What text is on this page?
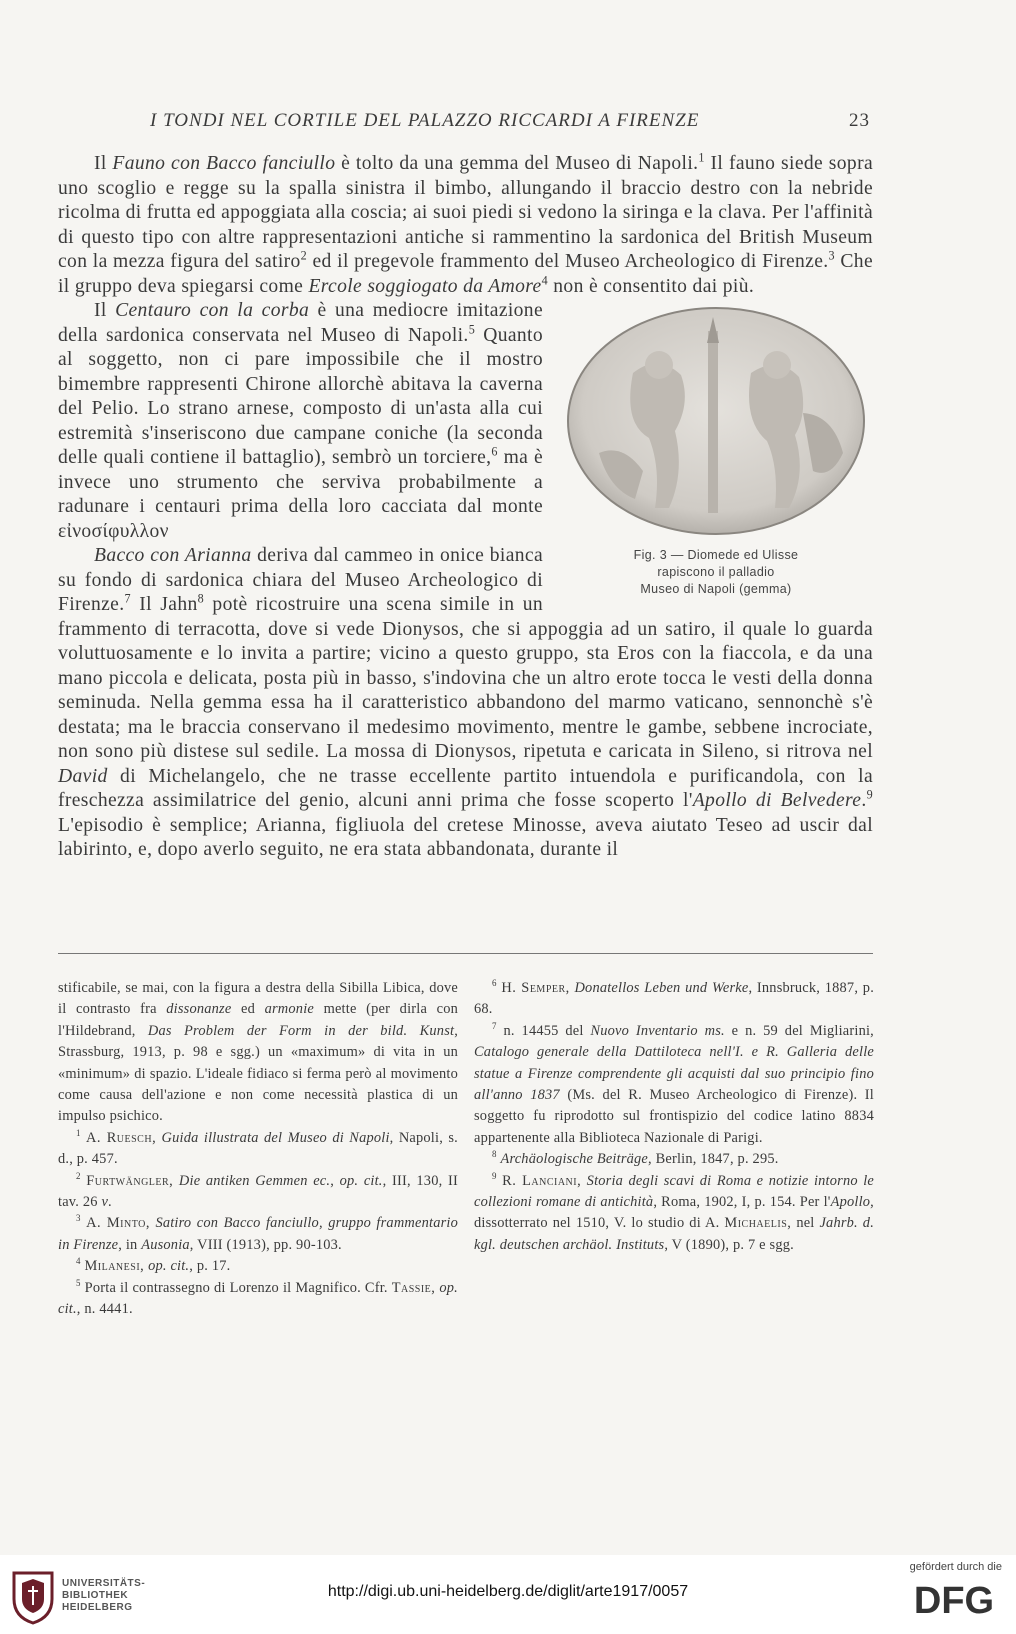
I TONDI NEL CORTILE DEL PALAZZO RICCARDI A FIRENZE	23

Il Fauno con Bacco fanciullo è tolto da una gemma del Museo di Napoli.$^1$ Il fauno siede sopra uno scoglio e regge su la spalla sinistra il bimbo, allungando il braccio destro con la nebride ricolma di frutta ed appoggiata alla coscia; ai suoi piedi si vedono la siringa e la clava. Per l'affinità di questo tipo con altre rappresentazioni antiche si rammentino la sardonica del British Museum con la mezza figura del satiro$^2$ ed il pregevole frammento del Museo Archeologico di Firenze.$^3$ Che il gruppo deva spiegarsi come Ercole soggiogato da Amore$^4$ non è consentito dai più.

Fig. 3 — Diomede ed Ulisse
rapiscono il palladio
Museo di Napoli (gemma)

Il Centauro con la corba è una mediocre imitazione della sardonica conservata nel Museo di Napoli.$^5$ Quanto al soggetto, non ci pare impossibile che il mostro bimembre rappresenti Chirone allorchè abitava la caverna del Pelio. Lo strano arnese, composto di un'asta alla cui estremità s'inseriscono due campane coniche (la seconda delle quali contiene il battaglio), sembrò un torciere,$^6$ ma è invece uno strumento che serviva probabilmente a radunare i centauri prima della loro cacciata dal monte εἰνοσίφυλλον

Bacco con Arianna deriva dal cammeo in onice bianca su fondo di sardonica chiara del Museo Archeologico di Firenze.$^7$ Il Jahn$^8$ potè ricostruire una scena simile in un frammento di terracotta, dove si vede Dionysos, che si appoggia ad un satiro, il quale lo guarda voluttuosamente e lo invita a partire; vicino a questo gruppo, sta Eros con la fiaccola, e da una mano piccola e delicata, posta più in basso, s'indovina che un altro erote tocca le vesti della donna seminuda. Nella gemma essa ha il caratteristico abbandono del marmo vaticano, sennonchè s'è destata; ma le braccia conservano il medesimo movimento, mentre le gambe, sebbene incrociate, non sono più distese sul sedile. La mossa di Dionysos, ripetuta e caricata in Sileno, si ritrova nel David di Michelangelo, che ne trasse eccellente partito intuendola e purificandola, con la freschezza assimilatrice del genio, alcuni anni prima che fosse scoperto l'Apollo di Belvedere.$^9$ L'episodio è semplice; Arianna, figliuola del cretese Minosse, aveva aiutato Teseo ad uscir dal labirinto, e, dopo averlo seguito, ne era stata abbandonata, durante il

stificabile, se mai, con la figura a destra della Sibilla Libica, dove il contrasto fra dissonanze ed armonie mette (per dirla con l'Hildebrand, Das Problem der Form in der bild. Kunst, Strassburg, 1913, p. 98 e sgg.) un «maximum» di vita in un «minimum» di spazio. L'ideale fidiaco si ferma però al movimento come causa dell'azione e non come necessità plastica di un impulso psichico.

$^1$ A. Ruesch, Guida illustrata del Museo di Napoli, Napoli, s. d., p. 457.

$^2$ Furtwängler, Die antiken Gemmen ec., op. cit., III, 130, II tav. 26 v.

$^3$ A. Minto, Satiro con Bacco fanciullo, gruppo frammentario in Firenze, in Ausonia, VIII (1913), pp. 90-103.

$^4$ Milanesi, op. cit., p. 17.

$^5$ Porta il contrassegno di Lorenzo il Magnifico. Cfr. Tassie, op. cit., n. 4441.

$^6$ H. Semper, Donatellos Leben und Werke, Innsbruck, 1887, p. 68.

$^7$ n. 14455 del Nuovo Inventario ms. e n. 59 del Migliarini, Catalogo generale della Dattiloteca nell'I. e R. Galleria delle statue a Firenze comprendente gli acquisti dal suo principio fino all'anno 1837 (Ms. del R. Museo Archeologico di Firenze). Il soggetto fu riprodotto sul frontispizio del codice latino 8834 appartenente alla Biblioteca Nazionale di Parigi.

$^8$ Archäologische Beiträge, Berlin, 1847, p. 295.

$^9$ R. Lanciani, Storia degli scavi di Roma e notizie intorno le collezioni romane di antichità, Roma, 1902, I, p. 154. Per l'Apollo, dissotterrato nel 1510, V. lo studio di A. Michaelis, nel Jahrb. d. kgl. deutschen archäol. Instituts, V (1890), p. 7 e sgg.

UNIVERSITÄTS-
BIBLIOTHEK
HEIDELBERG
http://digi.ub.uni-heidelberg.de/diglit/arte1917/0057
gefördert durch die
DFG
